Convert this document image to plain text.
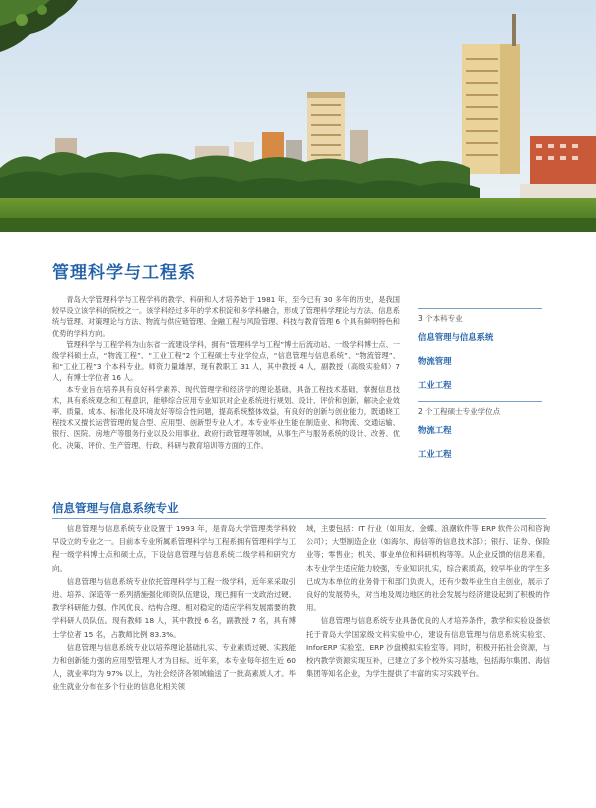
管理科学与工程系

青岛大学管理科学与工程学科的教学、科研和人才培养始于 1981 年，至今已有 30 多年的历史，是我国较早设立该学科的院校之一。该学科经过多年的学术积淀和多学科融合，形成了管理科学理论与方法、信息系统与管理、对策理论与方法、物流与供应链管理、金融工程与风险管理、科技与教育管理 6 个具有鲜明特色和优势的学科方向。

管理科学与工程学科为山东省一流建设学科，拥有“管理科学与工程”博士后流动站、一级学科博士点、一级学科硕士点，“物流工程”、“工业工程”2 个工程硕士专业学位点，“信息管理与信息系统”、“物流管理”、和“工业工程”3 个本科专业。师资力量雄厚，现有教职工 31 人，其中教授 4 人，副教授（高级实验师）7 人，有博士学位者 16 人。

本专业旨在培养具有良好科学素养、现代管理学和经济学的理论基础，具备工程技术基础，掌握信息技术，具有系统观念和工程意识，能够综合应用专业知识对企业系统进行规划、设计、评价和创新，解决企业效率、质量、成本、标准化及环境友好等综合性问题，提高系统整体效益，有良好的创新与创业能力，既通晓工程技术又擅长运营管理的复合型、应用型、创新型专业人才。本专业毕业生能在制造业、和物流、交通运输、银行、医院、房地产等服务行业以及公用事业、政府行政管理等领域，从事生产与服务系统的设计、改善、优化、决策、评价、生产管理、行政、科研与教育培训等方面的工作。

3 个本科专业
信息管理与信息系统
物流管理
工业工程
2 个工程硕士专业学位点
物流工程
工业工程
信息管理与信息系统专业

信息管理与信息系统专业设置于 1993 年，是青岛大学管理类学科较早设立的专业之一。目前本专业所属系管理科学与工程系拥有管理科学与工程一级学科博士点和硕士点，下设信息管理与信息系统二级学科和研究方向。

信息管理与信息系统专业依托管理科学与工程一级学科，近年来采取引进、培养、深造等一系列措施强化师资队伍建设，现已拥有一支政治过硬、教学科研能力强、作风优良、结构合理、相对稳定的适应学科发展需要的教学科研人员队伍。现有教师 18 人，其中教授 6 名，副教授 7 名，具有博士学位者 15 名，占教师比例 83.3%。

信息管理与信息系统专业以培养理论基础扎实、专业素质过硬、实践能力和创新能力强的应用型管理人才为目标。近年来，本专业每年招生近 60 人，就业率均为 97% 以上，为社会经济各领域输送了一批高素质人才。毕业生就业分布在多个行业的信息化相关领

域，主要包括：IT 行业（如用友、金蝶、浪潮软件等 ERP 软件公司和咨询公司）；大型制造企业（如海尔、海信等的信息技术部）；银行、证券、保险业等；零售业；机关、事业单位和科研机构等等。从企业反馈的信息来看，本专业学生适应能力较强，专业知识扎实，综合素质高，较早毕业的学生多已成为本单位的业务骨干和部门负责人，还有少数毕业生自主创业，展示了良好的发展势头，对当地及周边地区的社会发展与经济建设起到了积极的作用。

信息管理与信息系统专业具备优良的人才培养条件，教学和实验设备依托于青岛大学国家级文科实验中心，建设有信息管理与信息系统实验室、InforERP 实验室、ERP 沙盘模拟实验室等。同时，积极开拓社会资源，与校内教学资源实现互补，已建立了多个校外实习基地，包括海尔集团、海信集团等知名企业，为学生提供了丰富的实习实践平台。
